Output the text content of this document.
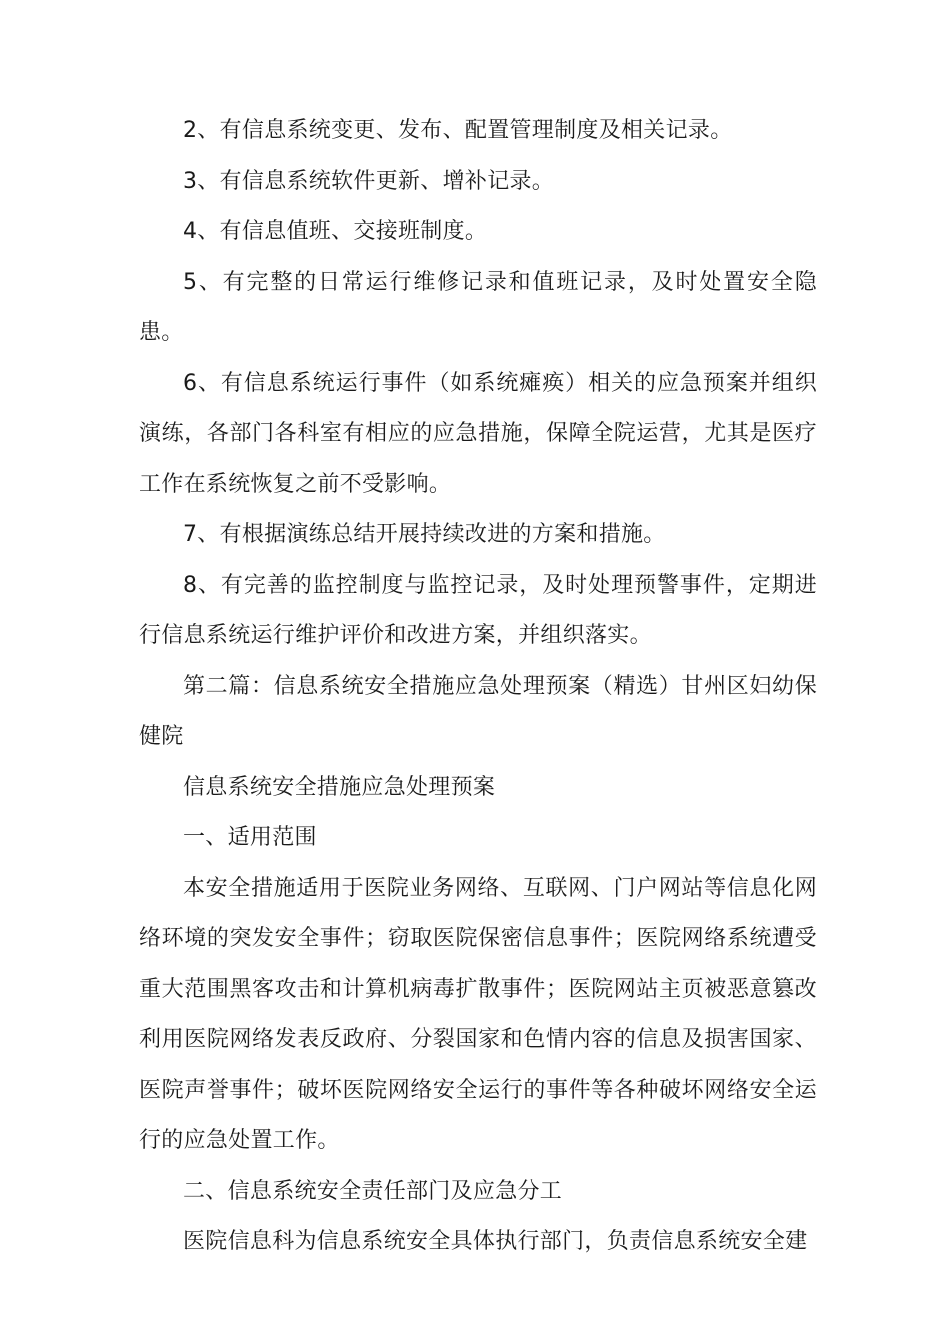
2、有信息系统变更、发布、配置管理制度及相关记录。

3、有信息系统软件更新、增补记录。

4、有信息值班、交接班制度。

5、有完整的日常运行维修记录和值班记录，及时处置安全隐患。

6、有信息系统运行事件（如系统瘫痪）相关的应急预案并组织演练，各部门各科室有相应的应急措施，保障全院运营，尤其是医疗工作在系统恢复之前不受影响。

7、有根据演练总结开展持续改进的方案和措施。

8、有完善的监控制度与监控记录，及时处理预警事件，定期进行信息系统运行维护评价和改进方案，并组织落实。

第二篇：信息系统安全措施应急处理预案（精选）甘州区妇幼保健院

信息系统安全措施应急处理预案

一、适用范围

本安全措施适用于医院业务网络、互联网、门户网站等信息化网络环境的突发安全事件；窃取医院保密信息事件；医院网络系统遭受重大范围黑客攻击和计算机病毒扩散事件；医院网站主页被恶意篡改利用医院网络发表反政府、分裂国家和色情内容的信息及损害国家、医院声誉事件；破坏医院网络安全运行的事件等各种破坏网络安全运行的应急处置工作。

二、信息系统安全责任部门及应急分工

医院信息科为信息系统安全具体执行部门，负责信息系统安全建
